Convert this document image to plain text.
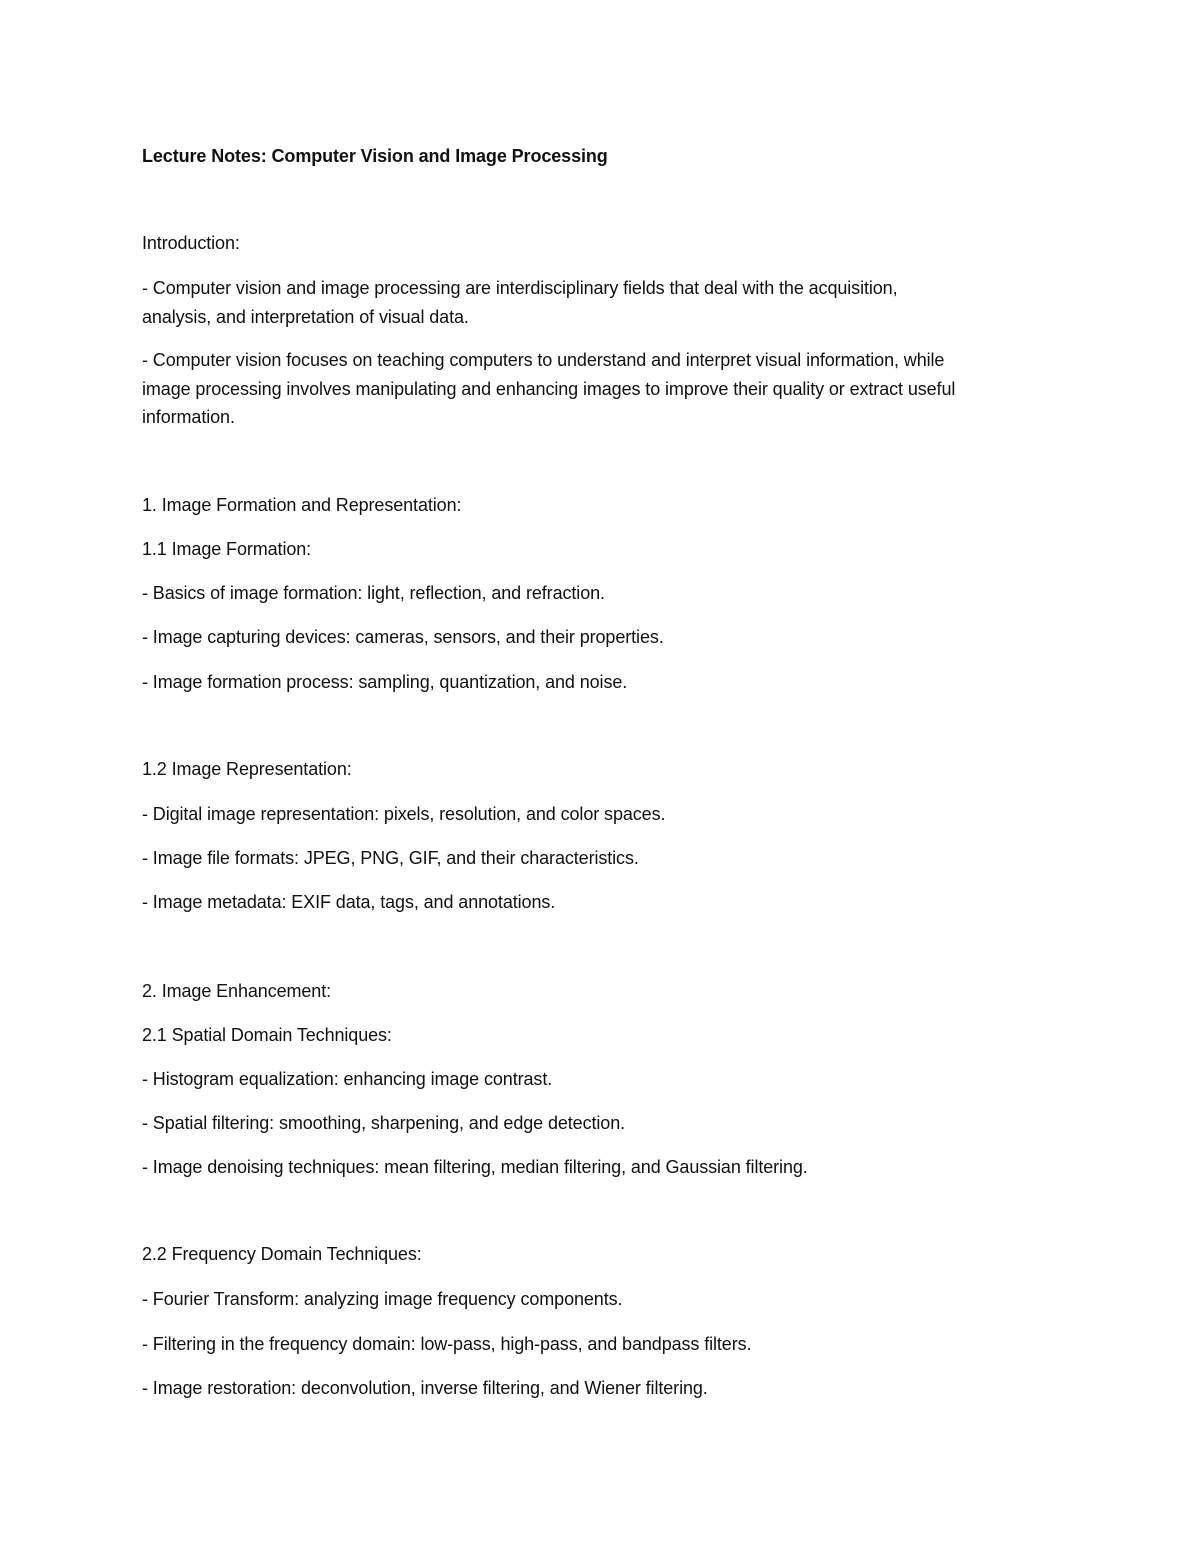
Lecture Notes: Computer Vision and Image Processing
Introduction:
- Computer vision and image processing are interdisciplinary fields that deal with the acquisition,
analysis, and interpretation of visual data.
- Computer vision focuses on teaching computers to understand and interpret visual information, while
image processing involves manipulating and enhancing images to improve their quality or extract useful
information.
1. Image Formation and Representation:
1.1 Image Formation:
- Basics of image formation: light, reflection, and refraction.
- Image capturing devices: cameras, sensors, and their properties.
- Image formation process: sampling, quantization, and noise.
1.2 Image Representation:
- Digital image representation: pixels, resolution, and color spaces.
- Image file formats: JPEG, PNG, GIF, and their characteristics.
- Image metadata: EXIF data, tags, and annotations.
2. Image Enhancement:
2.1 Spatial Domain Techniques:
- Histogram equalization: enhancing image contrast.
- Spatial filtering: smoothing, sharpening, and edge detection.
- Image denoising techniques: mean filtering, median filtering, and Gaussian filtering.
2.2 Frequency Domain Techniques:
- Fourier Transform: analyzing image frequency components.
- Filtering in the frequency domain: low-pass, high-pass, and bandpass filters.
- Image restoration: deconvolution, inverse filtering, and Wiener filtering.
